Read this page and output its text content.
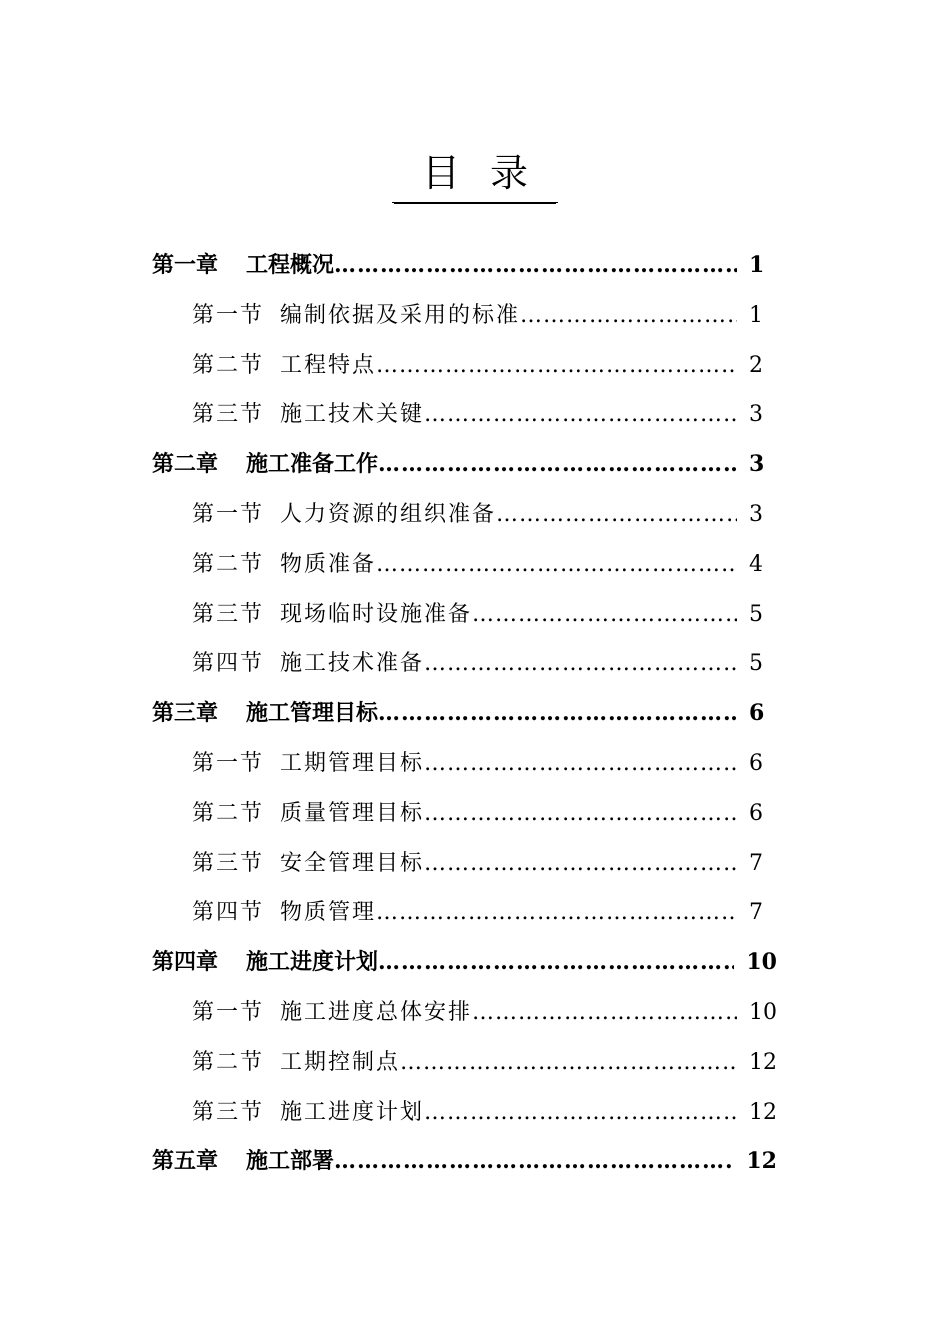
目录
第一章 工程概况 …………………………………………………………………………………………………………………………………………	1
第一节 编制依据及采用的标准 …………………………………………………………………………………………………………………………………………	1
第二节 工程特点 …………………………………………………………………………………………………………………………………………	2
第三节 施工技术关键 …………………………………………………………………………………………………………………………………………	3
第二章 施工准备工作 …………………………………………………………………………………………………………………………………………	3
第一节 人力资源的组织准备 …………………………………………………………………………………………………………………………………………	3
第二节 物质准备 …………………………………………………………………………………………………………………………………………	4
第三节 现场临时设施准备 …………………………………………………………………………………………………………………………………………	5
第四节 施工技术准备 …………………………………………………………………………………………………………………………………………	5
第三章 施工管理目标 …………………………………………………………………………………………………………………………………………	6
第一节 工期管理目标 …………………………………………………………………………………………………………………………………………	6
第二节 质量管理目标 …………………………………………………………………………………………………………………………………………	6
第三节 安全管理目标 …………………………………………………………………………………………………………………………………………	7
第四节 物质管理 …………………………………………………………………………………………………………………………………………	7
第四章 施工进度计划 …………………………………………………………………………………………………………………………………………	10
第一节 施工进度总体安排 …………………………………………………………………………………………………………………………………………	10
第二节 工期控制点 …………………………………………………………………………………………………………………………………………	12
第三节 施工进度计划 …………………………………………………………………………………………………………………………………………	12
第五章 施工部署 …………………………………………………………………………………………………………………………………………	12
